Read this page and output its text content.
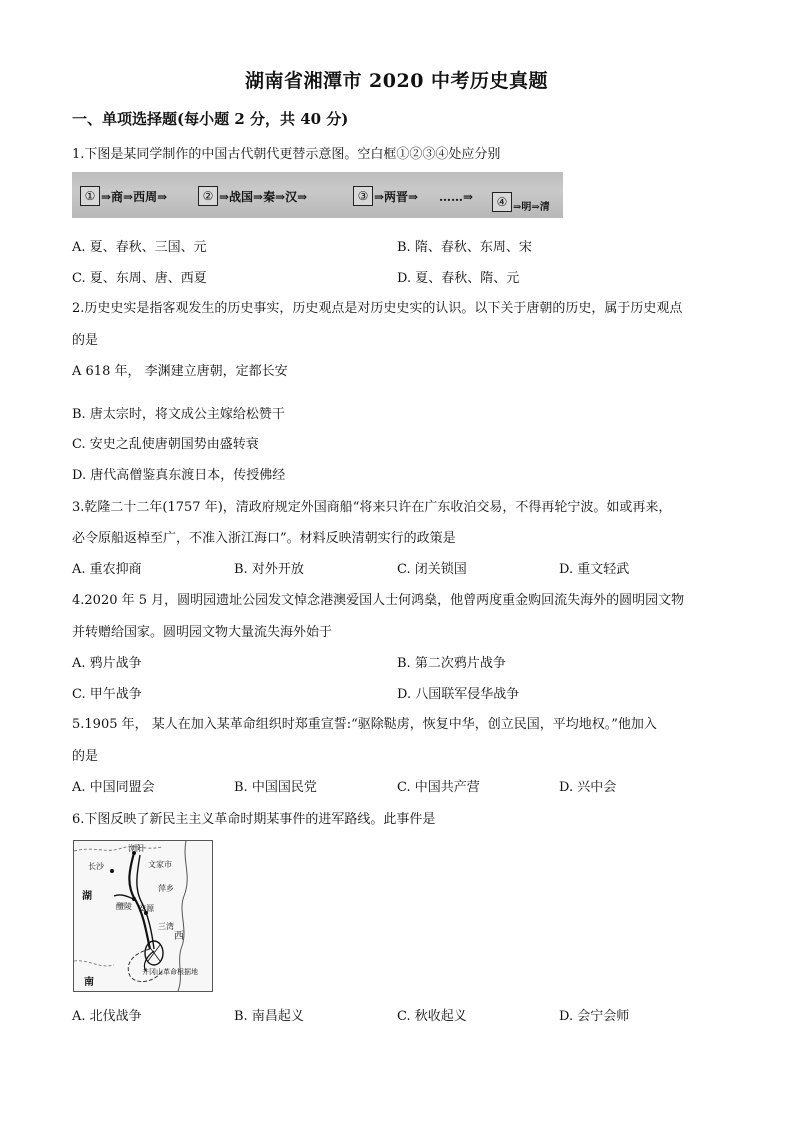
湖南省湘潭市 2020 中考历史真题
一、单项选择题(每小题 2 分，共 40 分)
1.下图是某同学制作的中国古代朝代更替示意图。空白框①②③④处应分别
① ⇒商⇒西周⇒	② ⇒战国⇒秦⇒汉⇒	③ ⇒两晋⇒ ……⇒	④ ⇒明⇒清
A. 夏、春秋、三国、元	B. 隋、春秋、东周、宋
C. 夏、东周、唐、西夏	D. 夏、春秋、隋、元
2.历史史实是指客观发生的历史事实，历史观点是对历史史实的认识。以下关于唐朝的历史，属于历史观点
的是
A 618 年， 李渊建立唐朝，定都长安
B. 唐太宗时，将文成公主嫁给松赞干
C. 安史之乱使唐朝国势由盛转衰
D. 唐代高僧鉴真东渡日本，传授佛经
3.乾隆二十二年(1757 年)，清政府规定外国商船“将来只许在广东收泊交易，不得再轮宁波。如或再来，
必令原船返棹至广，不准入浙江海口”。材料反映清朝实行的政策是
A. 重农抑商	B. 对外开放	C. 闭关锁国	D. 重文轻武
4.2020 年 5 月，圆明园遗址公园发文悼念港澳爱国人士何鸿燊，他曾两度重金购回流失海外的圆明园文物
并转赠给国家。圆明园文物大量流失海外始于
A. 鸦片战争	B. 第二次鸦片战争
C. 甲午战争	D. 八国联军侵华战争
5.1905 年， 某人在加入某革命组织时郑重宣誓:“驱除鞑虏，恢复中华，创立民国，平均地权。”他加入
的是
A. 中国同盟会	B. 中国国民党	C. 中国共产营	D. 兴中会
6.下图反映了新民主主义革命时期某事件的进军路线。此事件是
浏阳
长沙	文家市
湖
萍乡
醴陵 安源
三湾
西
南
井冈山革命根据地
A. 北伐战争	B. 南昌起义	C. 秋收起义	D. 会宁会师
